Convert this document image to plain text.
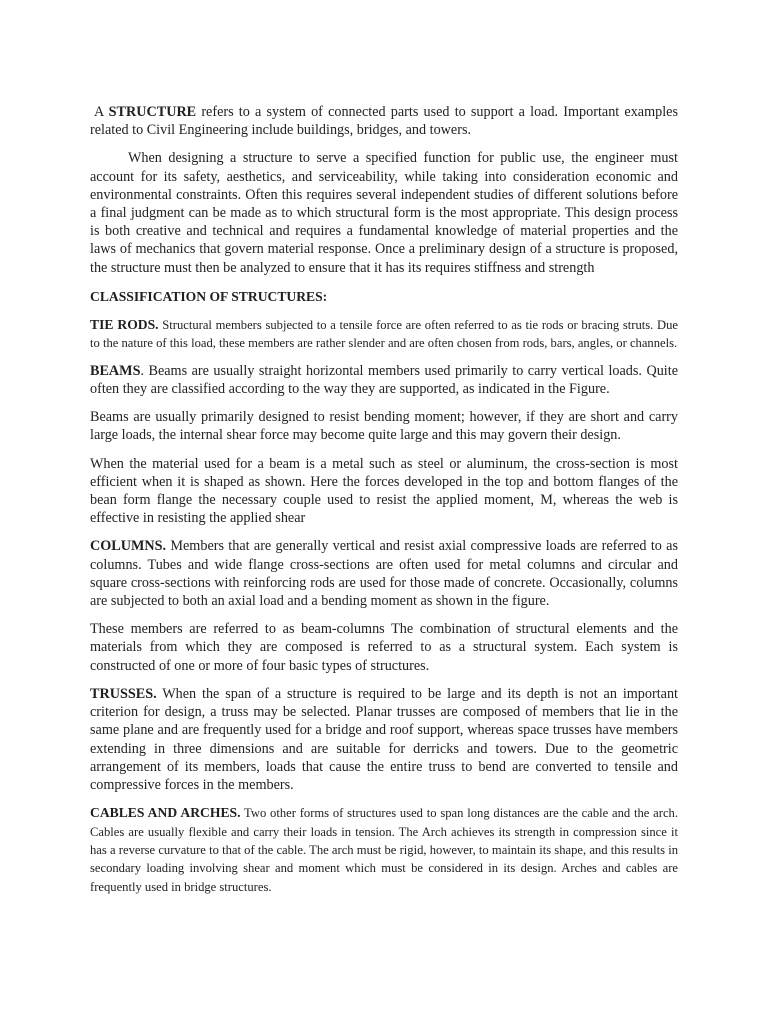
A STRUCTURE refers to a system of connected parts used to support a load. Important examples related to Civil Engineering include buildings, bridges, and towers.

When designing a structure to serve a specified function for public use, the engineer must account for its safety, aesthetics, and serviceability, while taking into consideration economic and environmental constraints. Often this requires several independent studies of different solutions before a final judgment can be made as to which structural form is the most appropriate. This design process is both creative and technical and requires a fundamental knowledge of material properties and the laws of mechanics that govern material response. Once a preliminary design of a structure is proposed, the structure must then be analyzed to ensure that it has its requires stiffness and strength

CLASSIFICATION OF STRUCTURES:

TIE RODS. Structural members subjected to a tensile force are often referred to as tie rods or bracing struts. Due to the nature of this load, these members are rather slender and are often chosen from rods, bars, angles, or channels.

BEAMS. Beams are usually straight horizontal members used primarily to carry vertical loads. Quite often they are classified according to the way they are supported, as indicated in the Figure.

Beams are usually primarily designed to resist bending moment; however, if they are short and carry large loads, the internal shear force may become quite large and this may govern their design.

When the material used for a beam is a metal such as steel or aluminum, the cross-section is most efficient when it is shaped as shown. Here the forces developed in the top and bottom flanges of the bean form flange the necessary couple used to resist the applied moment, M, whereas the web is effective in resisting the applied shear

COLUMNS. Members that are generally vertical and resist axial compressive loads are referred to as columns. Tubes and wide flange cross-sections are often used for metal columns and circular and square cross-sections with reinforcing rods are used for those made of concrete. Occasionally, columns are subjected to both an axial load and a bending moment as shown in the figure.

These members are referred to as beam-columns The combination of structural elements and the materials from which they are composed is referred to as a structural system. Each system is constructed of one or more of four basic types of structures.

TRUSSES. When the span of a structure is required to be large and its depth is not an important criterion for design, a truss may be selected. Planar trusses are composed of members that lie in the same plane and are frequently used for a bridge and roof support, whereas space trusses have members extending in three dimensions and are suitable for derricks and towers. Due to the geometric arrangement of its members, loads that cause the entire truss to bend are converted to tensile and compressive forces in the members.

CABLES AND ARCHES. Two other forms of structures used to span long distances are the cable and the arch. Cables are usually flexible and carry their loads in tension. The Arch achieves its strength in compression since it has a reverse curvature to that of the cable. The arch must be rigid, however, to maintain its shape, and this results in secondary loading involving shear and moment which must be considered in its design. Arches and cables are frequently used in bridge structures.
